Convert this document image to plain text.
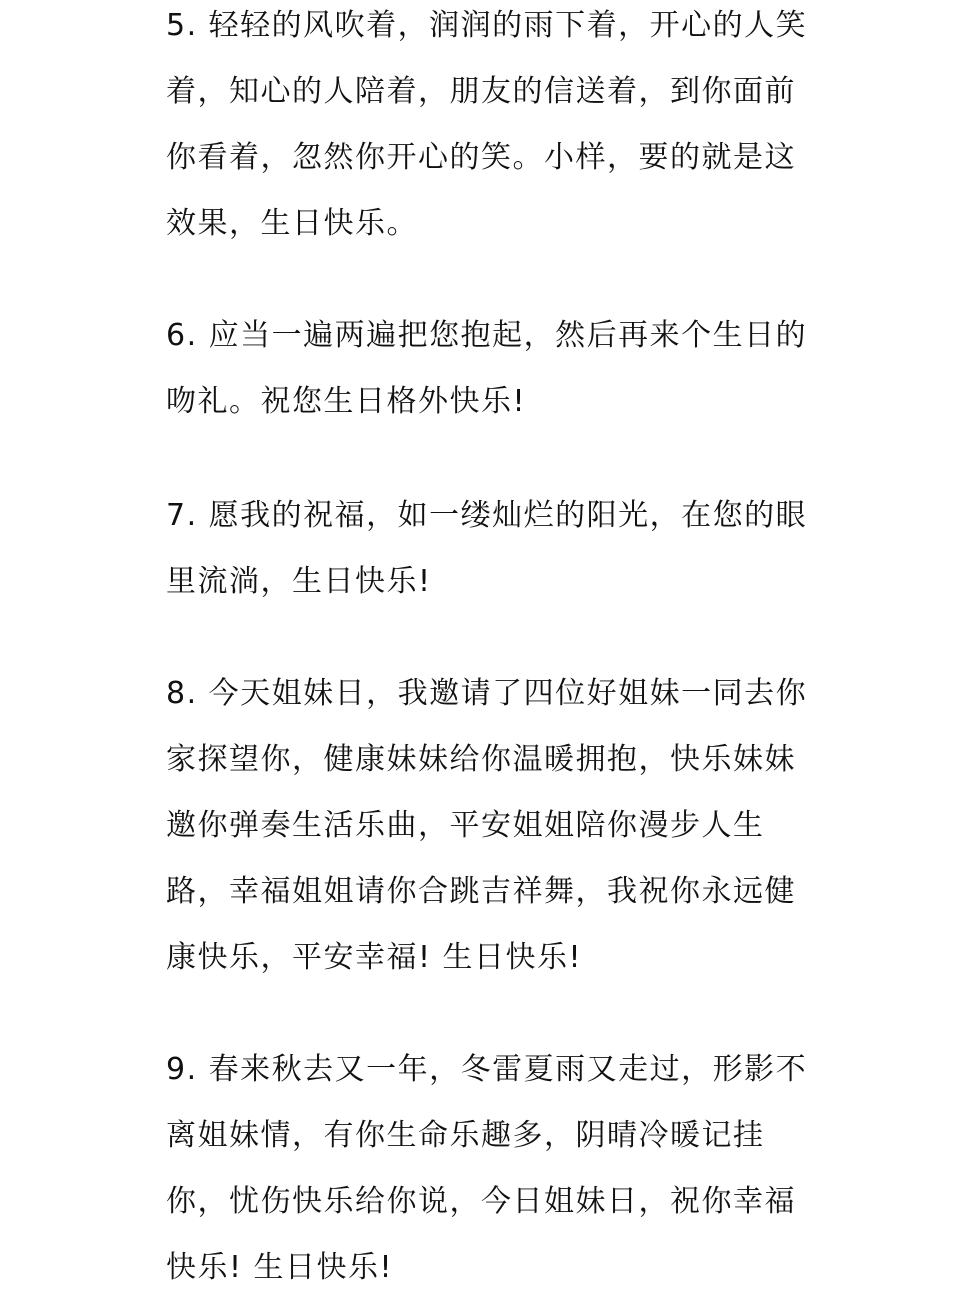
5. 轻轻的风吹着，润润的雨下着，开心的人笑
着，知心的人陪着，朋友的信送着，到你面前
你看着，忽然你开心的笑。小样，要的就是这
效果，生日快乐。
6. 应当一遍两遍把您抱起，然后再来个生日的
吻礼。祝您生日格外快乐!
7. 愿我的祝福，如一缕灿烂的阳光，在您的眼
里流淌，生日快乐!
8. 今天姐妹日，我邀请了四位好姐妹一同去你
家探望你，健康妹妹给你温暖拥抱，快乐妹妹
邀你弹奏生活乐曲，平安姐姐陪你漫步人生
路，幸福姐姐请你合跳吉祥舞，我祝你永远健
康快乐，平安幸福! 生日快乐!
9. 春来秋去又一年，冬雷夏雨又走过，形影不
离姐妹情，有你生命乐趣多，阴晴冷暖记挂
你，忧伤快乐给你说，今日姐妹日，祝你幸福
快乐! 生日快乐!
